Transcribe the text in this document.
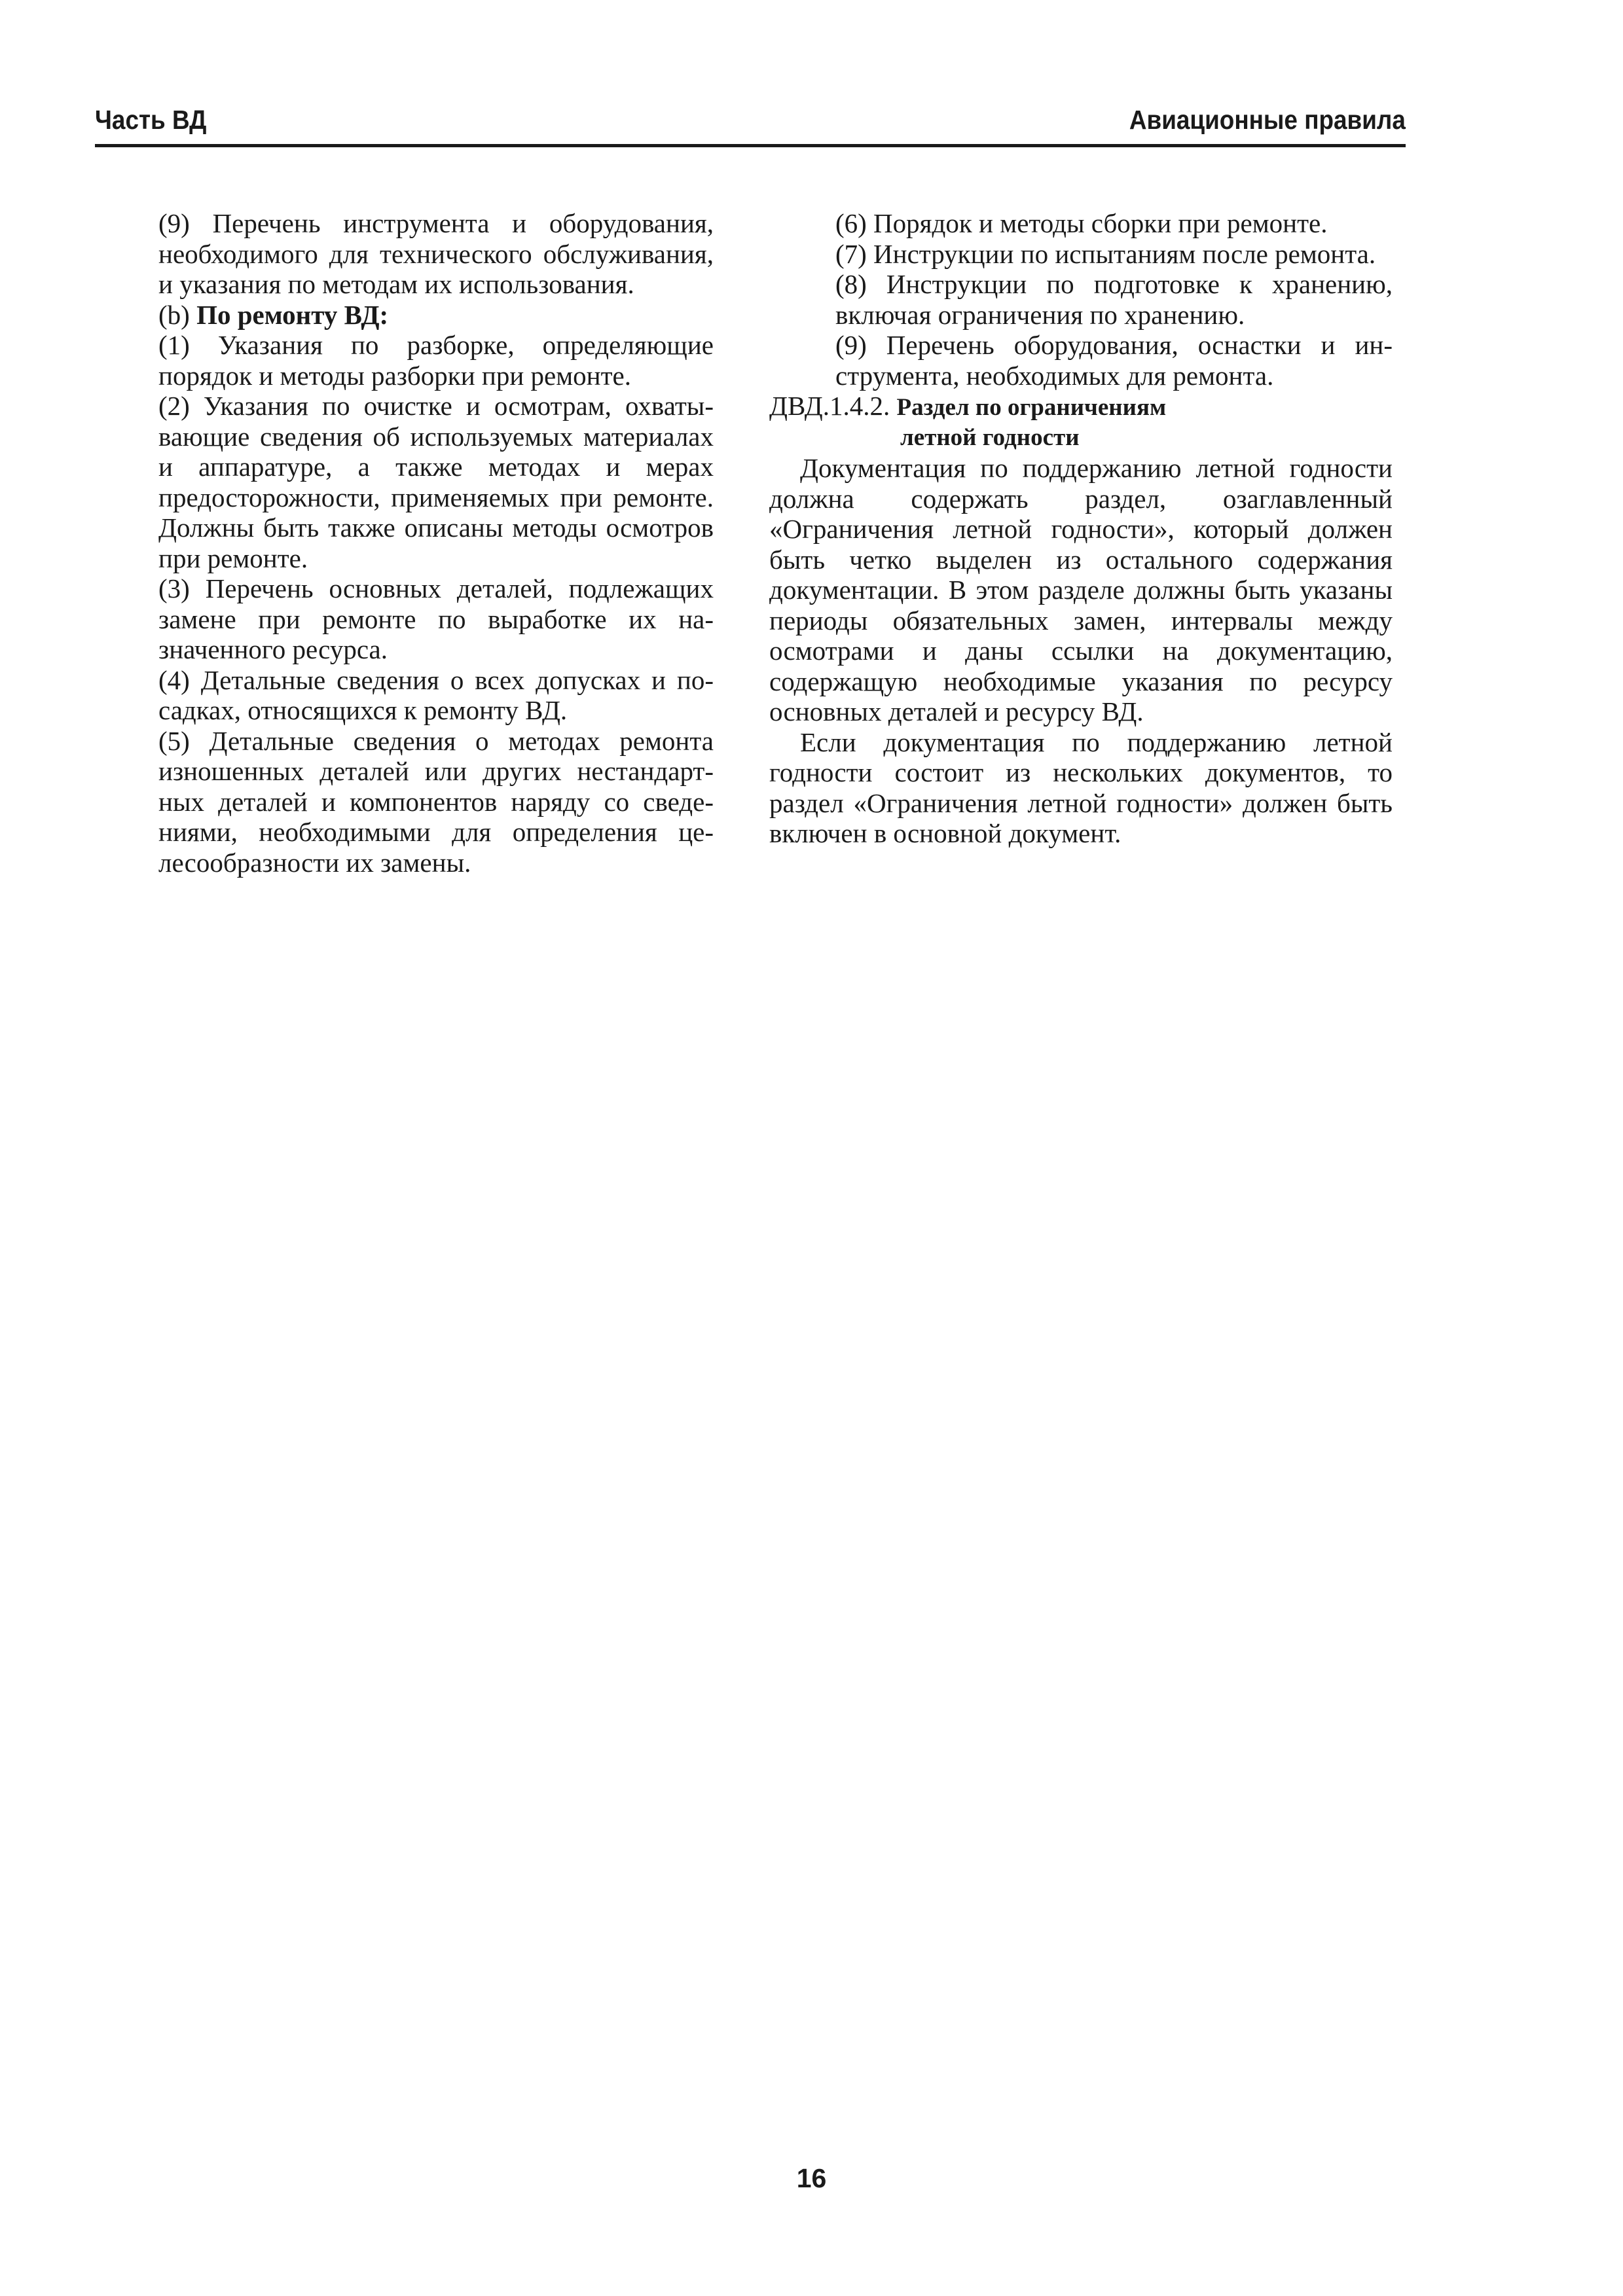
Часть ВД	Авиационные правила

(9) Перечень инструмента и оборудования, необходимого для технического обслуживания, и указания по методам их использования.

(b) По ремонту ВД:

(1) Указания по разборке, определяющие порядок и методы разборки при ремонте.

(2) Указания по очистке и осмотрам, охватывающие сведения об используемых материалах и аппаратуре, а также методах и мерах предосторожности, применяемых при ремонте. Должны быть также описаны методы осмотров при ремонте.

(3) Перечень основных деталей, подлежащих замене при ремонте по выработке их назначенного ресурса.

(4) Детальные сведения о всех допусках и посадках, относящихся к ремонту ВД.

(5) Детальные сведения о методах ремонта изношенных деталей или других нестандартных деталей и компонентов наряду со сведениями, необходимыми для определения целесообразности их замены.

(6) Порядок и методы сборки при ремонте.

(7) Инструкции по испытаниям после ремонта.

(8) Инструкции по подготовке к хранению, включая ограничения по хранению.

(9) Перечень оборудования, оснастки и инструмента, необходимых для ремонта.

ДВД.1.4.2. Раздел по ограничениям
летной годности

Документация по поддержанию летной годности должна содержать раздел, озаглавленный «Ограничения летной годности», который должен быть четко выделен из остального содержания документации. В этом разделе должны быть указаны периоды обязательных замен, интервалы между осмотрами и даны ссылки на документацию, содержащую необходимые указания по ресурсу основных деталей и ресурсу ВД.

Если документация по поддержанию летной годности состоит из нескольких документов, то раздел «Ограничения летной годности» должен быть включен в основной документ.

16
